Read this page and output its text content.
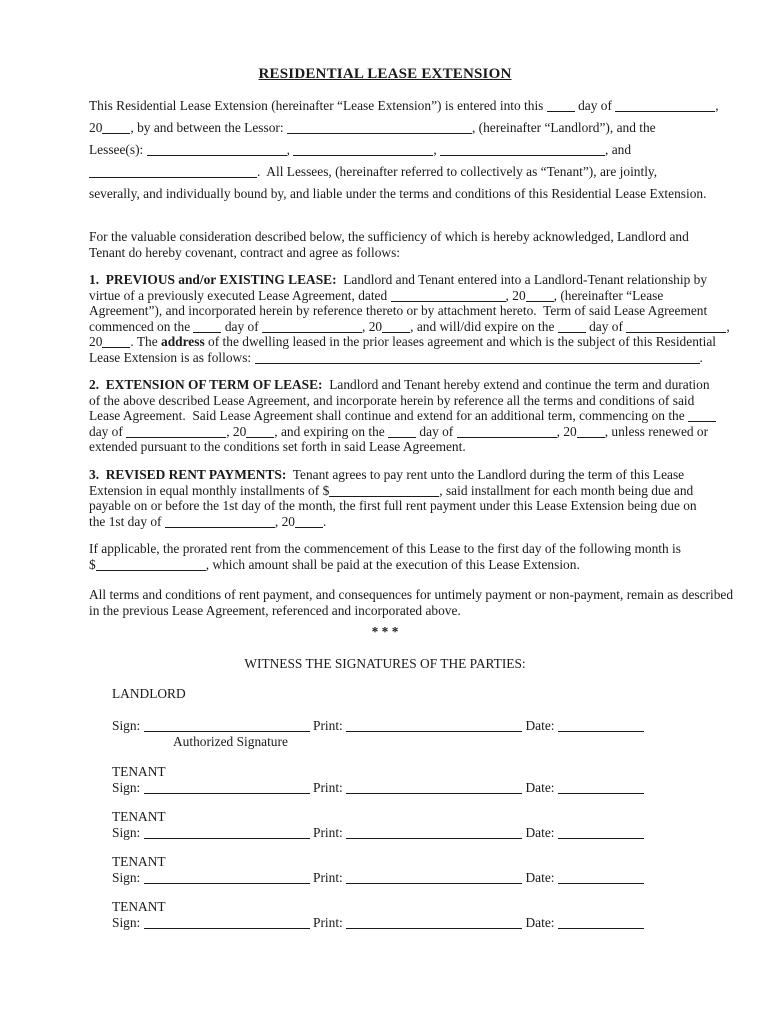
RESIDENTIAL LEASE EXTENSION
This Residential Lease Extension (hereinafter “Lease Extension”) is entered into this  day of	,
20 , by and between the Lessor:	, (hereinafter “Landlord”), and the
Lessee(s):	,	,	, and
.  All Lessees, (hereinafter referred to collectively as “Tenant”), are jointly,
severally, and individually bound by, and liable under the terms and conditions of this Residential Lease Extension.
For the valuable consideration described below, the sufficiency of which is hereby acknowledged, Landlord and
Tenant do hereby covenant, contract and agree as follows:
1.  PREVIOUS and/or EXISTING LEASE:  Landlord and Tenant entered into a Landlord-Tenant relationship by
virtue of a previously executed Lease Agreement, dated	, 20 , (hereinafter “Lease
Agreement”), and incorporated herein by reference thereto or by attachment hereto.  Term of said Lease Agreement
commenced on the  day of	, 20 , and will/did expire on the  day of	,
20 . The address of the dwelling leased in the prior leases agreement and which is the subject of this Residential
Lease Extension is as follows:	.
2.  EXTENSION OF TERM OF LEASE:  Landlord and Tenant hereby extend and continue the term and duration
of the above described Lease Agreement, and incorporate herein by reference all the terms and conditions of said
Lease Agreement.  Said Lease Agreement shall continue and extend for an additional term, commencing on the
day of	, 20 , and expiring on the  day of	, 20 , unless renewed or
extended pursuant to the conditions set forth in said Lease Agreement.
3.  REVISED RENT PAYMENTS:  Tenant agrees to pay rent unto the Landlord during the term of this Lease
Extension in equal monthly installments of $	, said installment for each month being due and
payable on or before the 1st day of the month, the first full rent payment under this Lease Extension being due on
the 1st day of	, 20 .
If applicable, the prorated rent from the commencement of this Lease to the first day of the following month is
$	, which amount shall be paid at the execution of this Lease Extension.
All terms and conditions of rent payment, and consequences for untimely payment or non-payment, remain as described
in the previous Lease Agreement, referenced and incorporated above.
* * *
WITNESS THE SIGNATURES OF THE PARTIES:
LANDLORD
Sign:	Print:	Date:
Authorized Signature
TENANT
Sign:	Print:	Date:
TENANT
Sign:	Print:	Date:
TENANT
Sign:	Print:	Date:
TENANT
Sign:	Print:	Date:
